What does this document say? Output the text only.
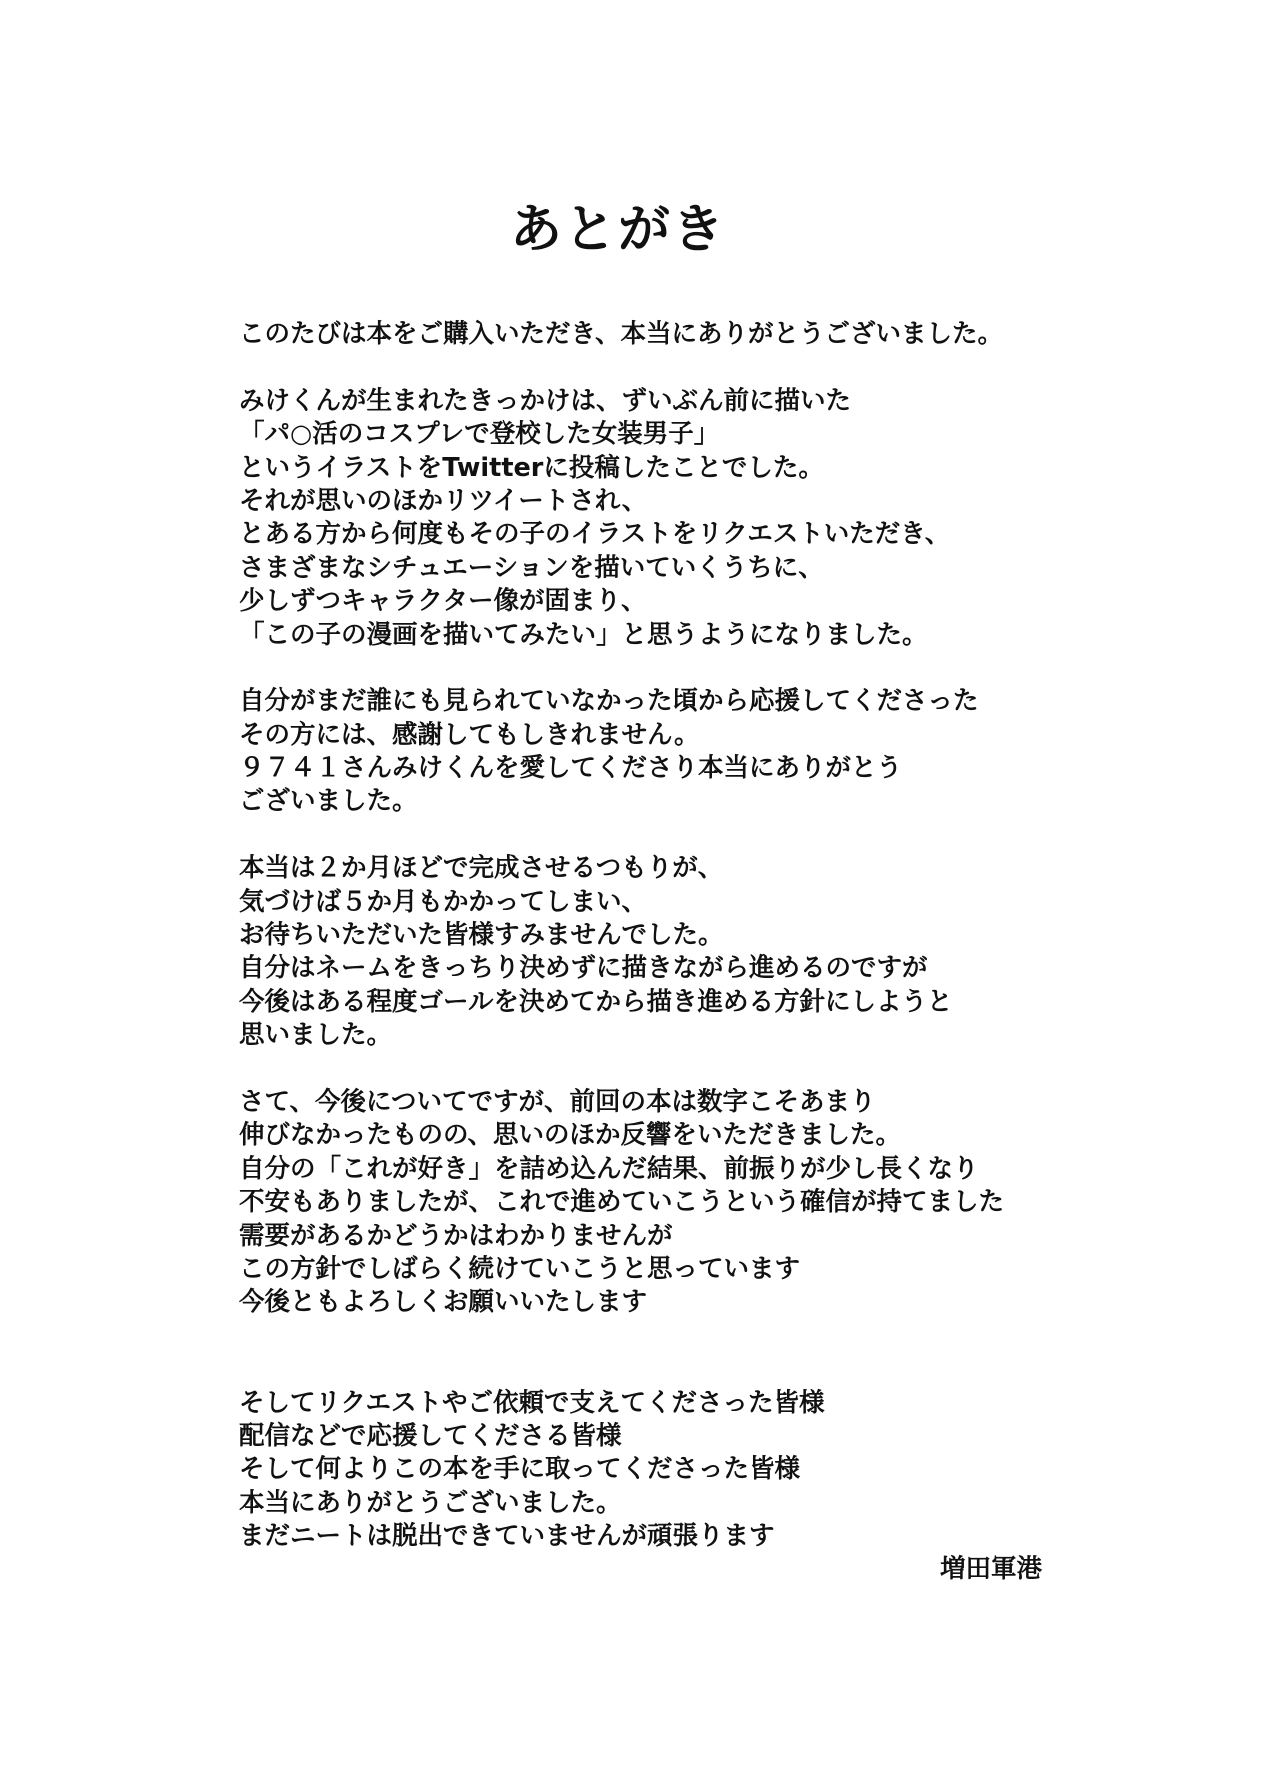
あとがき
このたびは本をご購入いただき、本当にありがとうございました。
みけくんが生まれたきっかけは、ずいぶん前に描いた
「パ○活のコスプレで登校した女装男子」
というイラストをTwitterに投稿したことでした。
それが思いのほかリツイートされ、
とある方から何度もその子のイラストをリクエストいただき、
さまざまなシチュエーションを描いていくうちに、
少しずつキャラクター像が固まり、
「この子の漫画を描いてみたい」と思うようになりました。
自分がまだ誰にも見られていなかった頃から応援してくださった
その方には、感謝してもしきれません。
９７４１さんみけくんを愛してくださり本当にありがとう
ございました。
本当は２か月ほどで完成させるつもりが、
気づけば５か月もかかってしまい、
お待ちいただいた皆様すみませんでした。
自分はネームをきっちり決めずに描きながら進めるのですが
今後はある程度ゴールを決めてから描き進める方針にしようと
思いました。
さて、今後についてですが、前回の本は数字こそあまり
伸びなかったものの、思いのほか反響をいただきました。
自分の「これが好き」を詰め込んだ結果、前振りが少し長くなり
不安もありましたが、これで進めていこうという確信が持てました
需要があるかどうかはわかりませんが
この方針でしばらく続けていこうと思っています
今後ともよろしくお願いいたします
そしてリクエストやご依頼で支えてくださった皆様
配信などで応援してくださる皆様
そして何よりこの本を手に取ってくださった皆様
本当にありがとうございました。
まだニートは脱出できていませんが頑張ります
増田軍港
